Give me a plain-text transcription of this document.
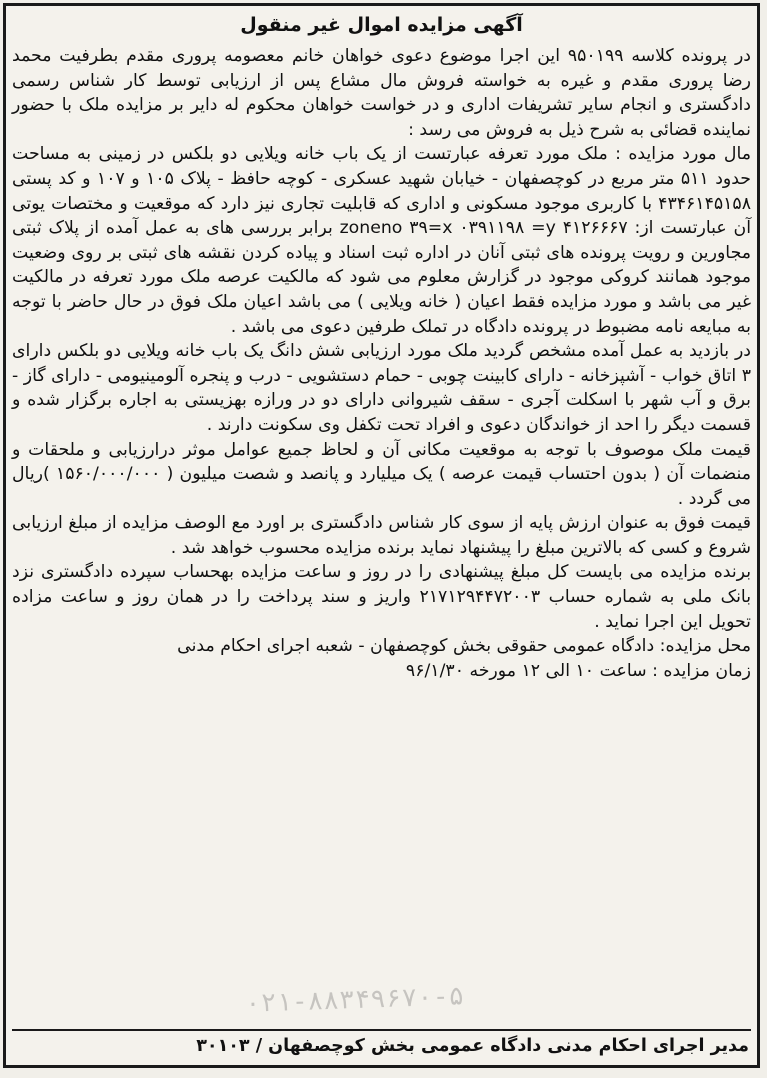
آگهی مزایده اموال غیر منقول

در پرونده کلاسه ۹۵۰۱۹۹ این اجرا موضوع دعوی خواهان خانم معصومه پروری مقدم بطرفیت محمد رضا پروری مقدم و غیره به خواسته فروش مال مشاع پس از ارزیابی توسط کار شناس رسمی دادگستری و انجام سایر تشریفات اداری و در خواست خواهان محکوم له دایر بر مزایده ملک با حضور نماینده قضائی به شرح ذیل به فروش می رسد :

مال مورد مزایده : ملک مورد تعرفه عبارتست از یک باب خانه ویلایی دو بلکس در زمینی به مساحت حدود ۵۱۱ متر مربع در کوچصفهان - خیابان شهید عسکری - کوچه حافظ - پلاک ۱۰۵ و ۱۰۷ و کد پستی ۴۳۴۶۱۴۵۱۵۸ با کاربری موجود مسکونی و اداری که قابلیت تجاری نیز دارد که موقعیت و مختصات یوتی آن عبارتست از: zoneno ۳۹=x ۰۳۹۱۱۹۸ =y ۴۱۲۶۶۶۷ برابر بررسی های به عمل آمده از پلاک ثبتی مجاورین و رویت پرونده های ثبتی آنان در اداره ثبت اسناد و پیاده کردن نقشه های ثبتی بر روی وضعیت موجود همانند کروکی موجود در گزارش معلوم می شود که مالکیت عرصه ملک مورد تعرفه در مالکیت غیر می باشد و مورد مزایده فقط اعیان ( خانه ویلایی ) می باشد اعیان ملک فوق در حال حاضر با توجه به مبایعه نامه مضبوط در پرونده دادگاه در تملک طرفین دعوی می باشد .

در بازدید به عمل آمده مشخص گردید ملک مورد ارزیابی شش دانگ یک باب خانه ویلایی دو بلکس دارای ۳ اتاق خواب - آشپزخانه - دارای کابینت چوبی - حمام دستشویی - درب و پنجره آلومینیومی - دارای گاز - برق و آب شهر با اسکلت آجری - سقف شیروانی دارای دو در ورازه بهزیستی به اجاره برگزار شده و قسمت دیگر را احد از خواندگان دعوی و افراد تحت تکفل وی سکونت دارند .

قیمت ملک موصوف با توجه به موقعیت مکانی آن و لحاظ جمیع عوامل موثر درارزیابی و ملحقات و منضمات آن ( بدون احتساب قیمت عرصه ) یک میلیارد و پانصد و شصت میلیون ( ۱۵۶۰/۰۰۰/۰۰۰ )ریال می گردد .

قیمت فوق به عنوان ارزش پایه از سوی کار شناس دادگستری بر اورد مع الوصف مزایده از مبلغ ارزیابی شروع و کسی که بالاترین مبلغ را پیشنهاد نماید برنده مزایده محسوب خواهد شد .

برنده مزایده می بایست کل مبلغ پیشنهادی را در روز و ساعت مزایده بهحساب سپرده دادگستری نزد بانک ملی به شماره حساب ۲۱۷۱۲۹۴۴۷۲۰۰۳ واریز و سند پرداخت را در همان روز و ساعت مزاده تحویل این اجرا نماید .

محل مزایده: دادگاه عمومی حقوقی بخش کوچصفهان - شعبه اجرای احکام مدنی

زمان مزایده : ساعت ۱۰ الی ۱۲ مورخه ۹۶/۱/۳۰

مدیر اجرای احکام مدنی دادگاه عمومی بخش کوچصفهان / ۳۰۱۰۳
۰۲۱-۸۸۳۴۹۶۷۰-۵
